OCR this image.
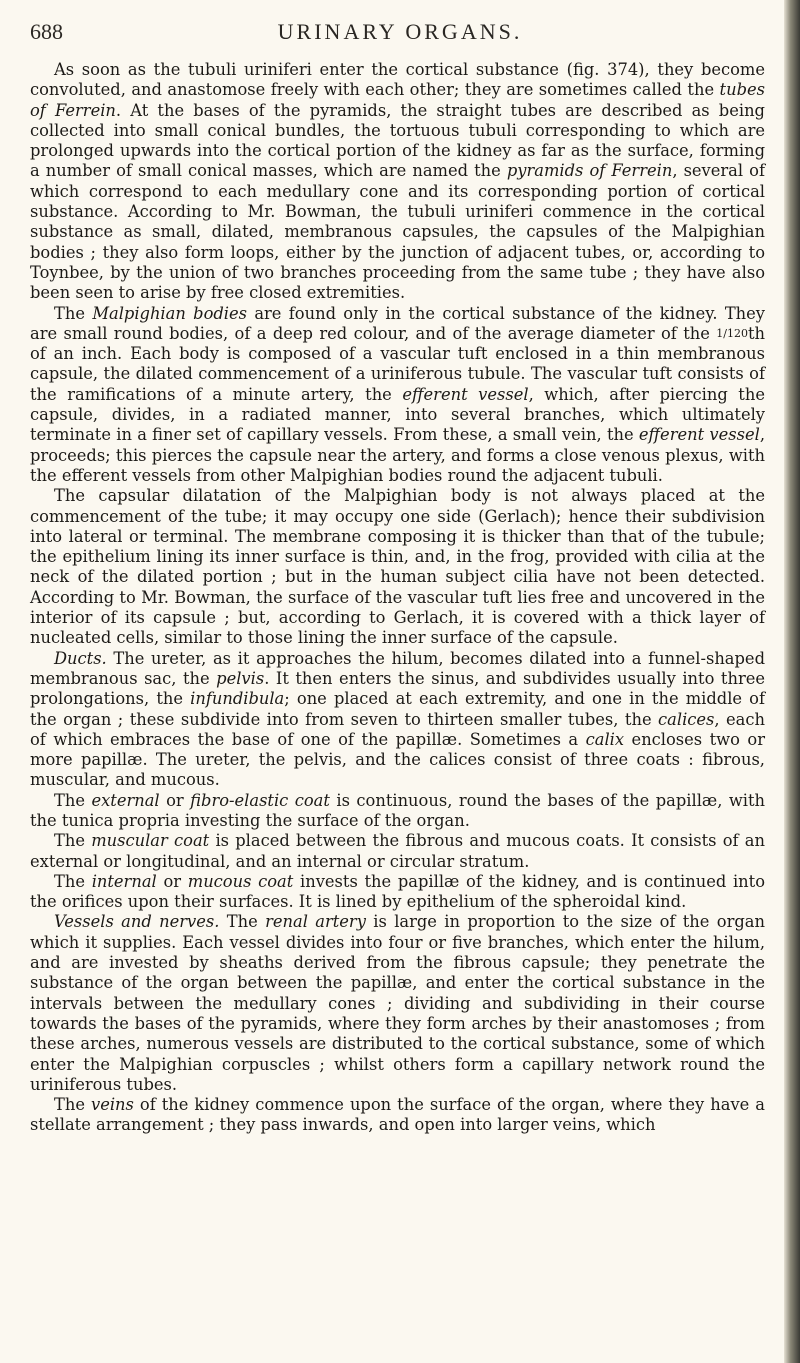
688	URINARY ORGANS.

As soon as the tubuli uriniferi enter the cortical substance (fig. 374), they become convoluted, and anastomose freely with each other; they are sometimes called the tubes of Ferrein. At the bases of the pyramids, the straight tubes are described as being collected into small conical bundles, the tortuous tubuli corresponding to which are prolonged upwards into the cortical portion of the kidney as far as the surface, forming a number of small conical masses, which are named the pyramids of Ferrein, several of which correspond to each medullary cone and its corresponding portion of cortical substance. According to Mr. Bowman, the tubuli uriniferi commence in the cortical substance as small, dilated, membranous capsules, the capsules of the Malpighian bodies ; they also form loops, either by the junction of adjacent tubes, or, according to Toynbee, by the union of two branches proceeding from the same tube ; they have also been seen to arise by free closed extremities.

The Malpighian bodies are found only in the cortical substance of the kidney. They are small round bodies, of a deep red colour, and of the average diameter of the 1/120th of an inch. Each body is composed of a vascular tuft enclosed in a thin membranous capsule, the dilated commencement of a uriniferous tubule. The vascular tuft consists of the ramifications of a minute artery, the efferent vessel, which, after piercing the capsule, divides, in a radiated manner, into several branches, which ultimately terminate in a finer set of capillary vessels. From these, a small vein, the efferent vessel, proceeds; this pierces the capsule near the artery, and forms a close venous plexus, with the efferent vessels from other Malpighian bodies round the adjacent tubuli.

The capsular dilatation of the Malpighian body is not always placed at the commencement of the tube; it may occupy one side (Gerlach); hence their subdivision into lateral or terminal. The membrane composing it is thicker than that of the tubule; the epithelium lining its inner surface is thin, and, in the frog, provided with cilia at the neck of the dilated portion ; but in the human subject cilia have not been detected. According to Mr. Bowman, the surface of the vascular tuft lies free and uncovered in the interior of its capsule ; but, according to Gerlach, it is covered with a thick layer of nucleated cells, similar to those lining the inner surface of the capsule.

Ducts. The ureter, as it approaches the hilum, becomes dilated into a funnel-shaped membranous sac, the pelvis. It then enters the sinus, and subdivides usually into three prolongations, the infundibula; one placed at each extremity, and one in the middle of the organ ; these subdivide into from seven to thirteen smaller tubes, the calices, each of which embraces the base of one of the papillæ. Sometimes a calix encloses two or more papillæ. The ureter, the pelvis, and the calices consist of three coats : fibrous, muscular, and mucous.

The external or fibro-elastic coat is continuous, round the bases of the papillæ, with the tunica propria investing the surface of the organ.

The muscular coat is placed between the fibrous and mucous coats. It consists of an external or longitudinal, and an internal or circular stratum.

The internal or mucous coat invests the papillæ of the kidney, and is continued into the orifices upon their surfaces. It is lined by epithelium of the spheroidal kind.

Vessels and nerves. The renal artery is large in proportion to the size of the organ which it supplies. Each vessel divides into four or five branches, which enter the hilum, and are invested by sheaths derived from the fibrous capsule; they penetrate the substance of the organ between the papillæ, and enter the cortical substance in the intervals between the medullary cones ; dividing and subdividing in their course towards the bases of the pyramids, where they form arches by their anastomoses ; from these arches, numerous vessels are distributed to the cortical substance, some of which enter the Malpighian corpuscles ; whilst others form a capillary network round the uriniferous tubes.

The veins of the kidney commence upon the surface of the organ, where they have a stellate arrangement ; they pass inwards, and open into larger veins, which
